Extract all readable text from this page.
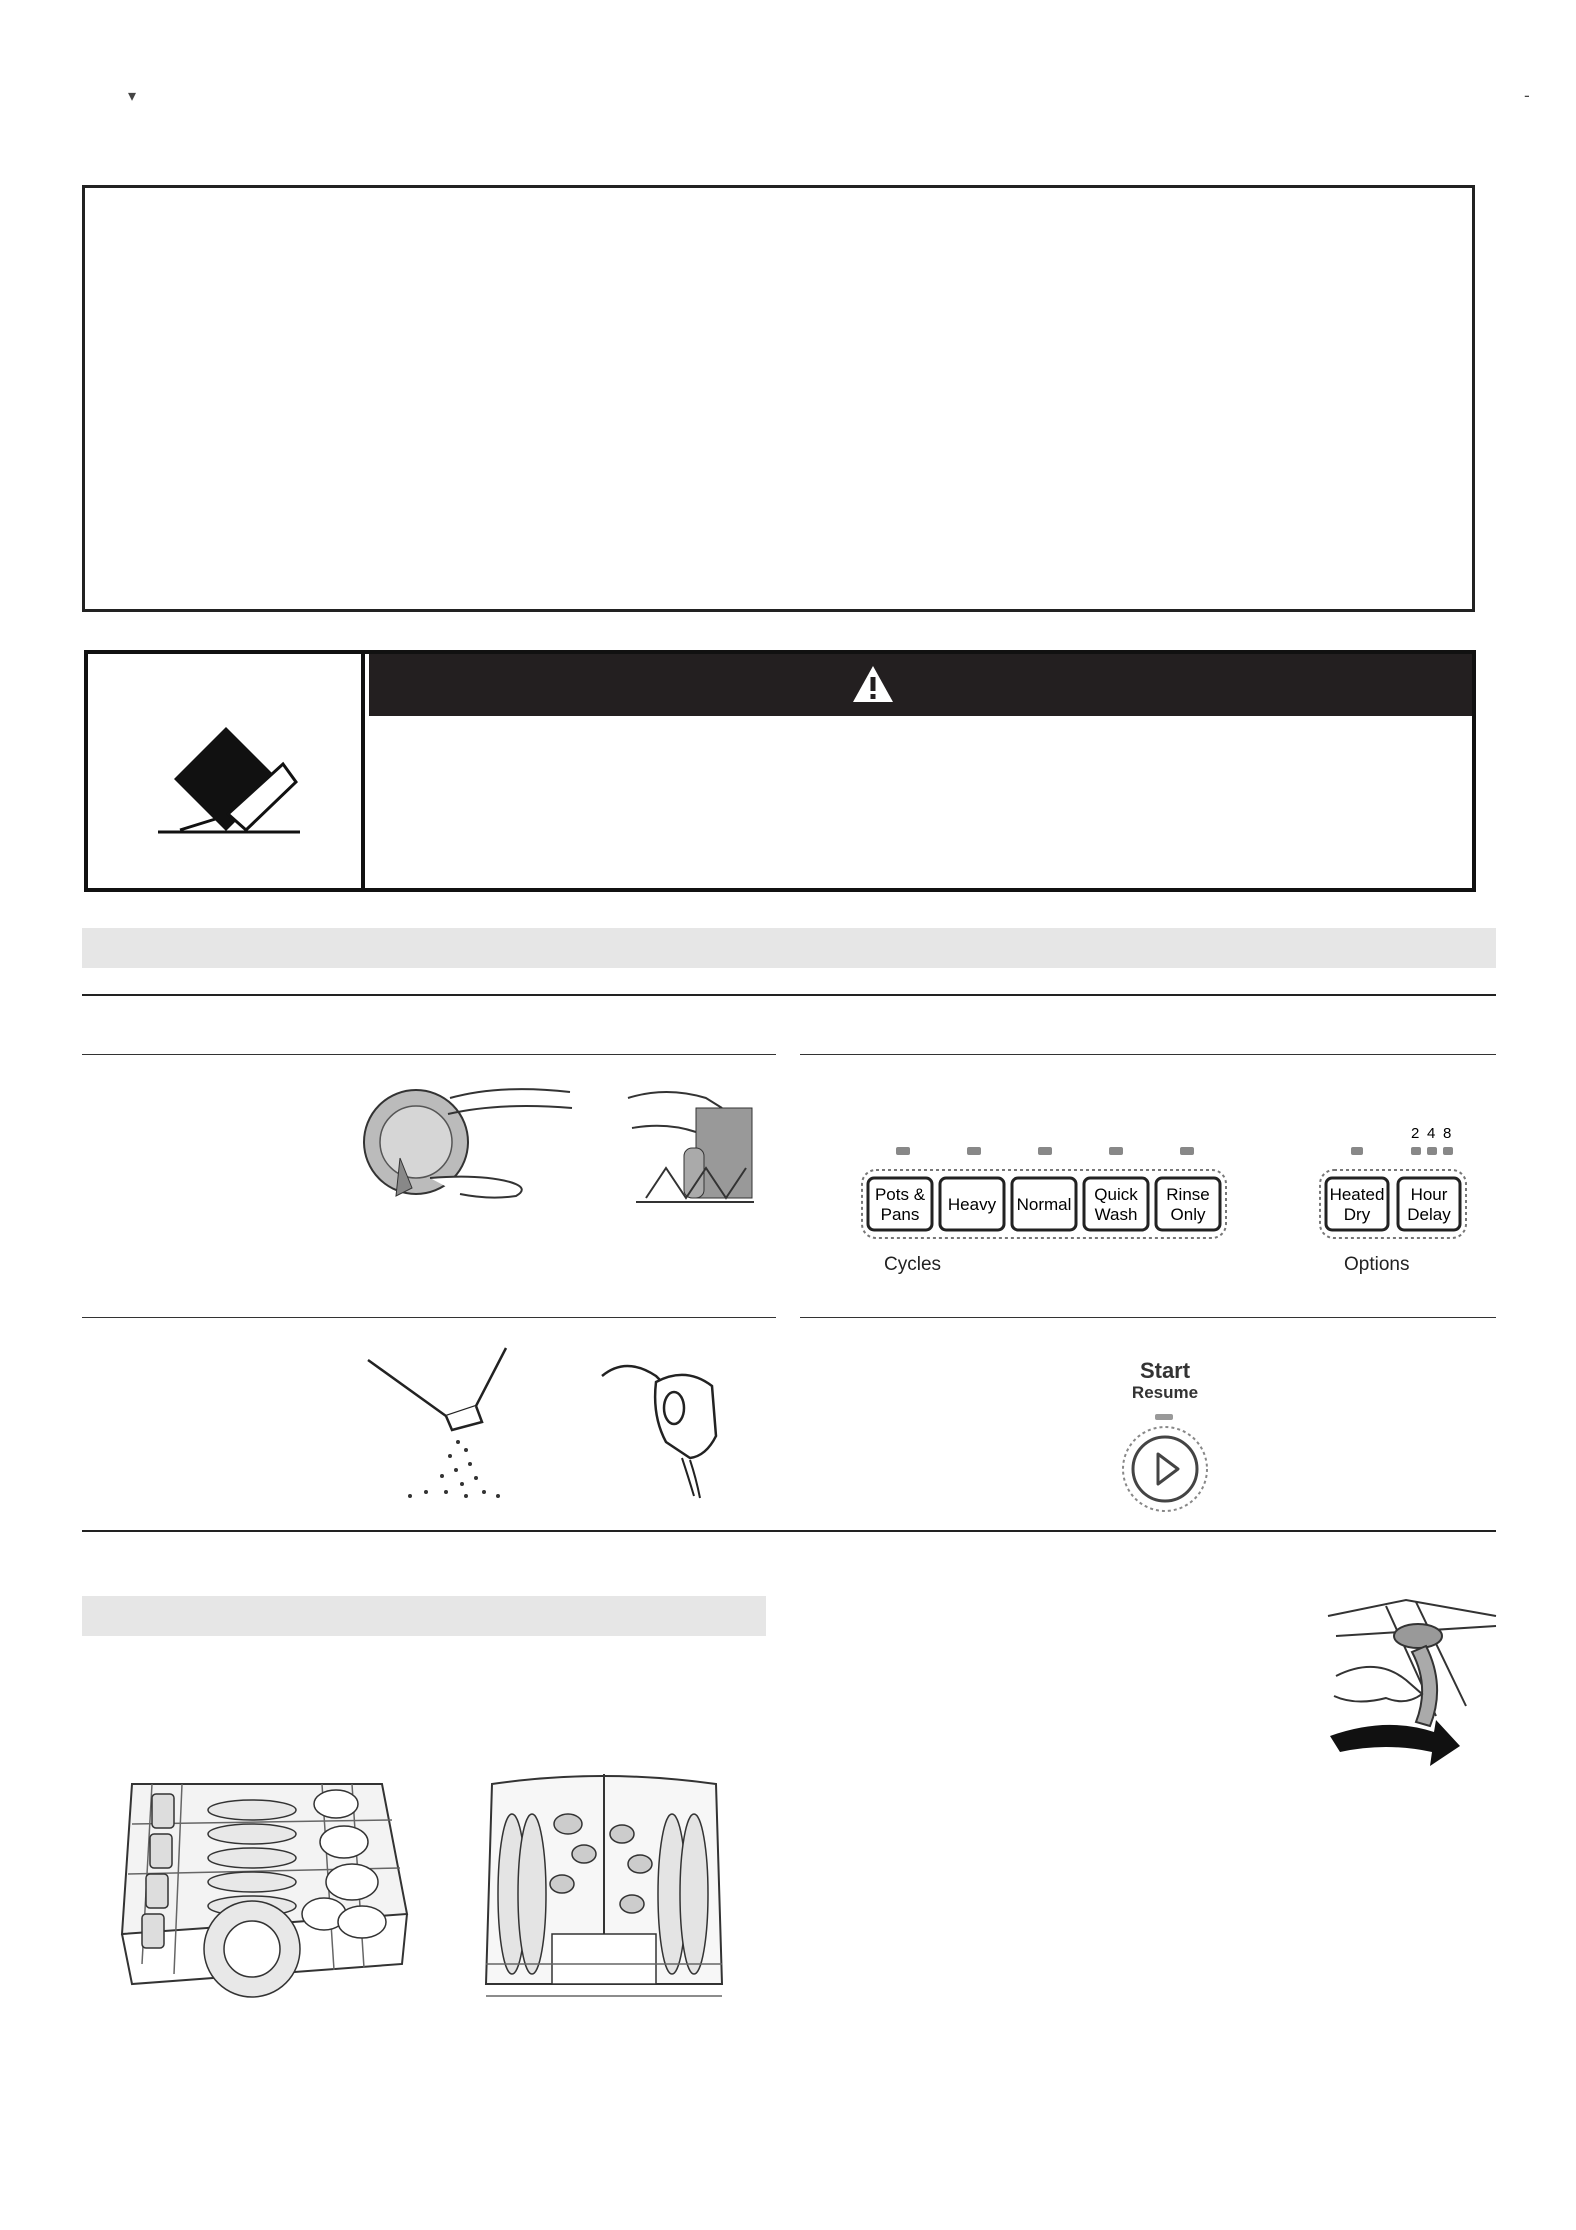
▾	-
Pots &
Pans
Heavy Normal
Quick
Wash
Rinse
Only
Cycles
2 4 8
Heated
Dry
Hour
Delay
Options
Start
Resume
